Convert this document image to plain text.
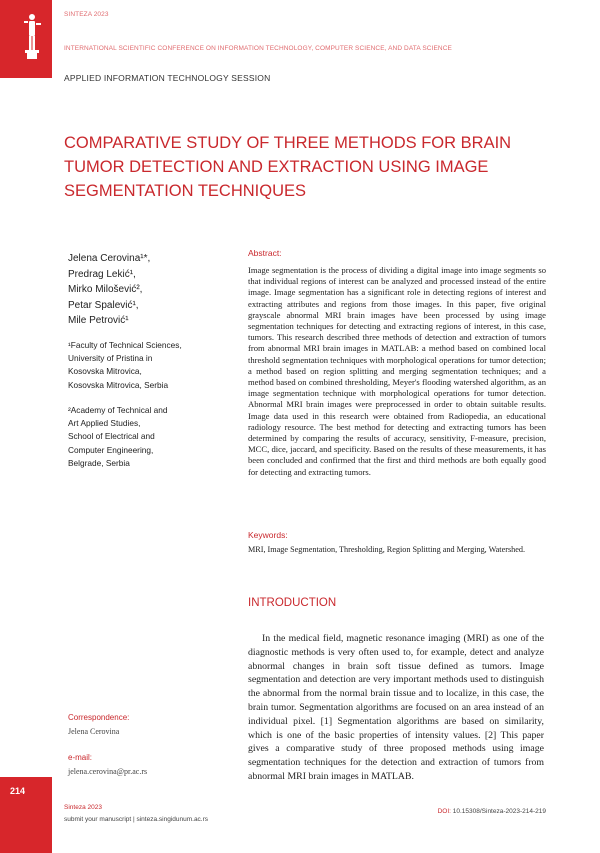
214
SINTEZA 2023
INTERNATIONAL SCIENTIFIC CONFERENCE ON INFORMATION TECHNOLOGY, COMPUTER SCIENCE, AND DATA SCIENCE
APPLIED INFORMATION TECHNOLOGY SESSION
COMPARATIVE STUDY OF THREE METHODS FOR BRAIN TUMOR DETECTION AND EXTRACTION USING IMAGE SEGMENTATION TECHNIQUES
Jelena Cerovina¹*,
Predrag Lekić¹,
Mirko Milošević²,
Petar Spalević¹,
Mile Petrović¹
¹Faculty of Technical Sciences,
University of Pristina in
Kosovska Mitrovica,
Kosovska Mitrovica, Serbia
²Academy of Technical and
Art Applied Studies,
School of Electrical and
Computer Engineering,
Belgrade, Serbia
Correspondence:
Jelena Cerovina
e-mail:
jelena.cerovina@pr.ac.rs
Abstract:
Image segmentation is the process of dividing a digital image into image segments so that individual regions of interest can be analyzed and processed instead of the entire image. Image segmentation has a significant role in detecting regions of interest and extracting attributes and regions from those images. In this paper, five original grayscale abnormal MRI brain images have been processed by using image segmentation techniques for detecting and extracting regions of interest, in this case, tumors. This research described three methods of detection and extraction of tumors from abnormal MRI brain images in MATLAB: a method based on combined local threshold segmentation techniques with morphological operations for tumor detection; a method based on region splitting and merging segmentation techniques; and a method based on combined thresholding, Meyer's flooding watershed algorithm, as an image segmentation technique with morphological operations for tumor detection. Abnormal MRI brain images were preprocessed in order to obtain suitable results. Image data used in this research were obtained from Radiopedia, an educational radiology resource. The best method for detecting and extracting tumors has been determined by comparing the results of accuracy, sensitivity, F-measure, precision, MCC, dice, jaccard, and specificity. Based on the results of these measurements, it has been concluded and confirmed that the first and third methods are both equally good for detecting and extracting tumors.
Keywords:
MRI, Image Segmentation, Thresholding, Region Splitting and Merging, Watershed.
INTRODUCTION
In the medical field, magnetic resonance imaging (MRI) as one of the diagnostic methods is very often used to, for example, detect and analyze abnormal changes in brain soft tissue defined as tumors. Image segmentation and detection are very important methods used to distinguish the abnormal from the normal brain tissue and to localize, in this case, the brain tumor. Segmentation algorithms are focused on an area instead of an individual pixel. [1] Segmentation algorithms are based on similarity, which is one of the basic properties of intensity values. [2] This paper gives a comparative study of three proposed methods using image segmentation techniques for the detection and extraction of tumors from abnormal MRI brain images in MATLAB.
Sinteza 2023
submit your manuscript | sinteza.singidunum.ac.rs
DOI: 10.15308/Sinteza-2023-214-219
